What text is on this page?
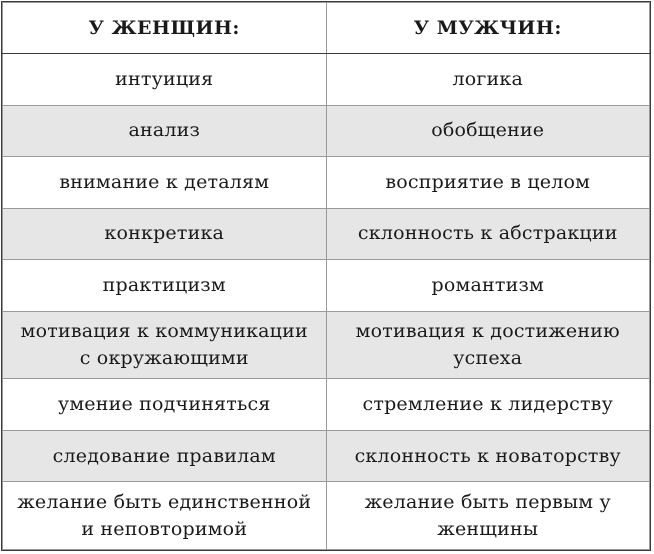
У ЖЕНЩИН:	У МУЖЧИН:
интуиция	логика
анализ	обобщение
внимание к деталям	восприятие в целом
конкретика	склонность к абстракции
практицизм	романтизм
мотивация к коммуникации с окружающими	мотивация к достижению успеха
умение подчиняться	стремление к лидерству
следование правилам	склонность к новаторству
желание быть единственной и неповторимой	желание быть первым у женщины
